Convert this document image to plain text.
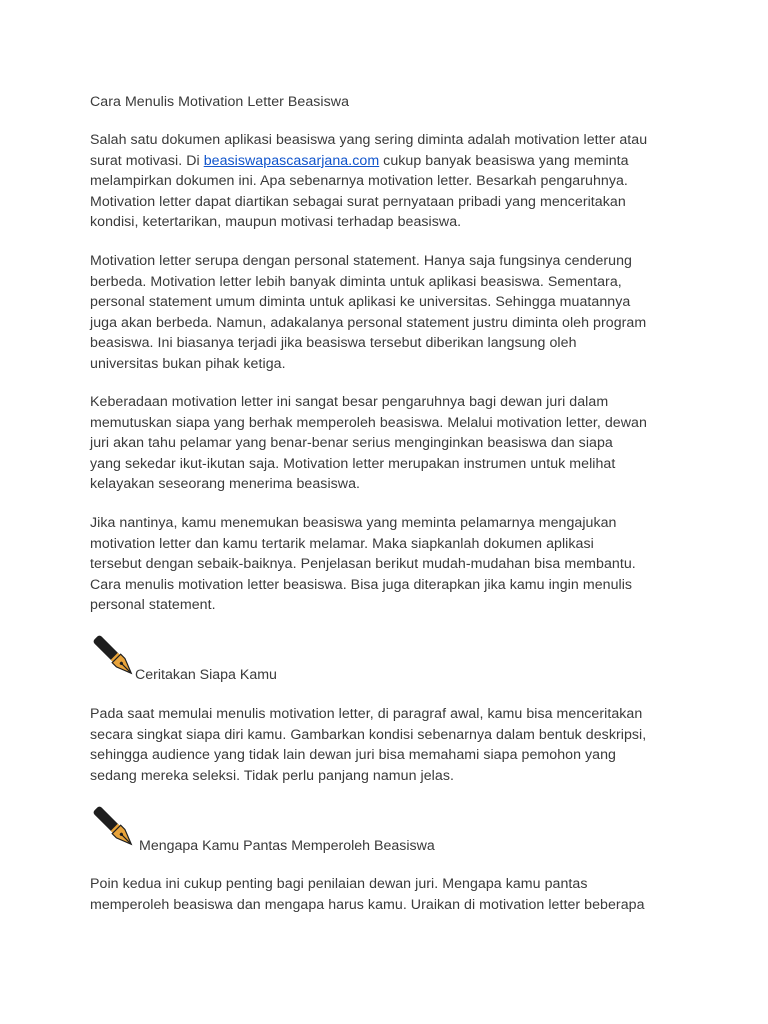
Cara Menulis Motivation Letter Beasiswa

Salah satu dokumen aplikasi beasiswa yang sering diminta adalah motivation letter atau
surat motivasi. Di beasiswapascasarjana.com cukup banyak beasiswa yang meminta
melampirkan dokumen ini. Apa sebenarnya motivation letter. Besarkah pengaruhnya.
Motivation letter dapat diartikan sebagai surat pernyataan pribadi yang menceritakan
kondisi, ketertarikan, maupun motivasi terhadap beasiswa.

Motivation letter serupa dengan personal statement. Hanya saja fungsinya cenderung
berbeda. Motivation letter lebih banyak diminta untuk aplikasi beasiswa. Sementara,
personal statement umum diminta untuk aplikasi ke universitas. Sehingga muatannya
juga akan berbeda. Namun, adakalanya personal statement justru diminta oleh program
beasiswa. Ini biasanya terjadi jika beasiswa tersebut diberikan langsung oleh
universitas bukan pihak ketiga.

Keberadaan motivation letter ini sangat besar pengaruhnya bagi dewan juri dalam
memutuskan siapa yang berhak memperoleh beasiswa. Melalui motivation letter, dewan
juri akan tahu pelamar yang benar-benar serius menginginkan beasiswa dan siapa
yang sekedar ikut-ikutan saja. Motivation letter merupakan instrumen untuk melihat
kelayakan seseorang menerima beasiswa.

Jika nantinya, kamu menemukan beasiswa yang meminta pelamarnya mengajukan
motivation letter dan kamu tertarik melamar. Maka siapkanlah dokumen aplikasi
tersebut dengan sebaik-baiknya. Penjelasan berikut mudah-mudahan bisa membantu.
Cara menulis motivation letter beasiswa. Bisa juga diterapkan jika kamu ingin menulis
personal statement.

Ceritakan Siapa Kamu

Pada saat memulai menulis motivation letter, di paragraf awal, kamu bisa menceritakan
secara singkat siapa diri kamu. Gambarkan kondisi sebenarnya dalam bentuk deskripsi,
sehingga audience yang tidak lain dewan juri bisa memahami siapa pemohon yang
sedang mereka seleksi. Tidak perlu panjang namun jelas.

Mengapa Kamu Pantas Memperoleh Beasiswa

Poin kedua ini cukup penting bagi penilaian dewan juri. Mengapa kamu pantas
memperoleh beasiswa dan mengapa harus kamu. Uraikan di motivation letter beberapa
